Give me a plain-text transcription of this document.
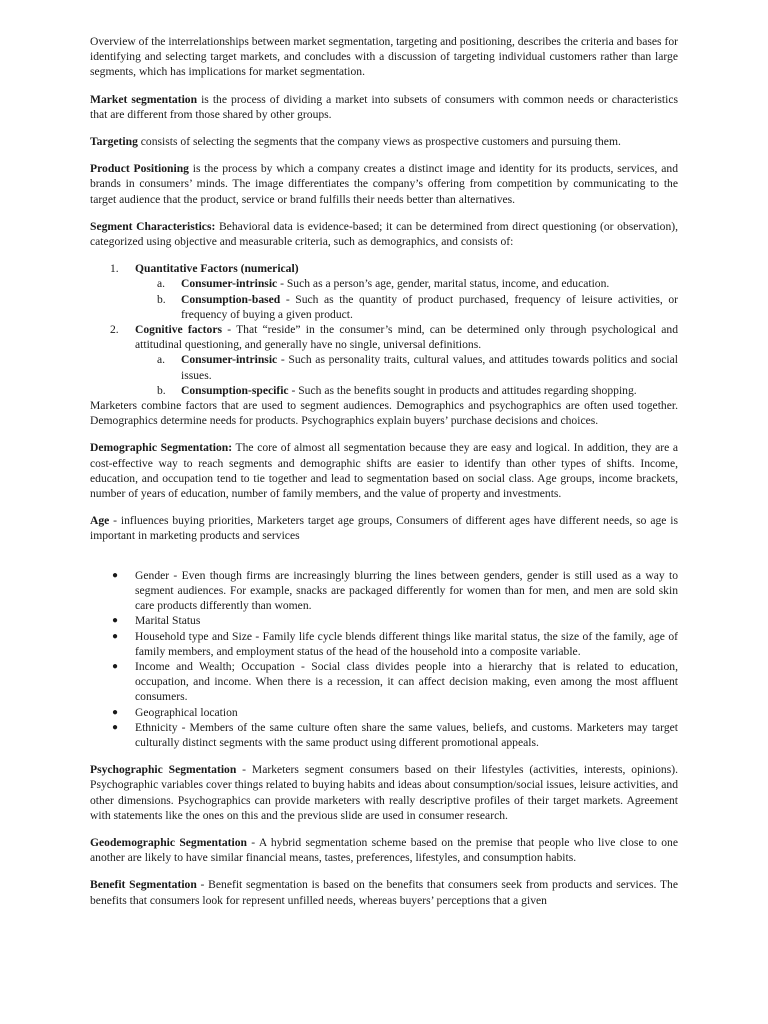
Overview of the interrelationships between market segmentation, targeting and positioning, describes the criteria and bases for identifying and selecting target markets, and concludes with a discussion of targeting individual customers rather than large segments, which has implications for market segmentation.

Market segmentation is the process of dividing a market into subsets of consumers with common needs or characteristics that are different from those shared by other groups.

Targeting consists of selecting the segments that the company views as prospective customers and pursuing them.

Product Positioning is the process by which a company creates a distinct image and identity for its products, services, and brands in consumers’ minds. The image differentiates the company’s offering from competition by communicating to the target audience that the product, service or brand fulfills their needs better than alternatives.

Segment Characteristics: Behavioral data is evidence-based; it can be determined from direct questioning (or observation), categorized using objective and measurable criteria, such as demographics, and consists of:

1. Quantitative Factors (numerical)
a. Consumer-intrinsic - Such as a person’s age, gender, marital status, income, and education.
b. Consumption-based - Such as the quantity of product purchased, frequency of leisure activities, or frequency of buying a given product.
2. Cognitive factors - That “reside” in the consumer’s mind, can be determined only through psychological and attitudinal questioning, and generally have no single, universal definitions.
a. Consumer-intrinsic - Such as personality traits, cultural values, and attitudes towards politics and social issues.
b. Consumption-specific - Such as the benefits sought in products and attitudes regarding shopping.

Marketers combine factors that are used to segment audiences. Demographics and psychographics are often used together. Demographics determine needs for products. Psychographics explain buyers’ purchase decisions and choices.

Demographic Segmentation: The core of almost all segmentation because they are easy and logical. In addition, they are a cost-effective way to reach segments and demographic shifts are easier to identify than other types of shifts. Income, education, and occupation tend to tie together and lead to segmentation based on social class. Age groups, income brackets, number of years of education, number of family members, and the value of property and investments.

Age - influences buying priorities, Marketers target age groups, Consumers of different ages have different needs, so age is important in marketing products and services

● Gender - Even though firms are increasingly blurring the lines between genders, gender is still used as a way to segment audiences. For example, snacks are packaged differently for women than for men, and men are sold skin care products differently than women.
● Marital Status
● Household type and Size - Family life cycle blends different things like marital status, the size of the family, age of family members, and employment status of the head of the household into a composite variable.
● Income and Wealth; Occupation - Social class divides people into a hierarchy that is related to education, occupation, and income. When there is a recession, it can affect decision making, even among the most affluent consumers.
● Geographical location
● Ethnicity - Members of the same culture often share the same values, beliefs, and customs. Marketers may target culturally distinct segments with the same product using different promotional appeals.

Psychographic Segmentation - Marketers segment consumers based on their lifestyles (activities, interests, opinions). Psychographic variables cover things related to buying habits and ideas about consumption/social issues, leisure activities, and other dimensions. Psychographics can provide marketers with really descriptive profiles of their target markets. Agreement with statements like the ones on this and the previous slide are used in consumer research.

Geodemographic Segmentation - A hybrid segmentation scheme based on the premise that people who live close to one another are likely to have similar financial means, tastes, preferences, lifestyles, and consumption habits.

Benefit Segmentation - Benefit segmentation is based on the benefits that consumers seek from products and services. The benefits that consumers look for represent unfilled needs, whereas buyers’ perceptions that a given
